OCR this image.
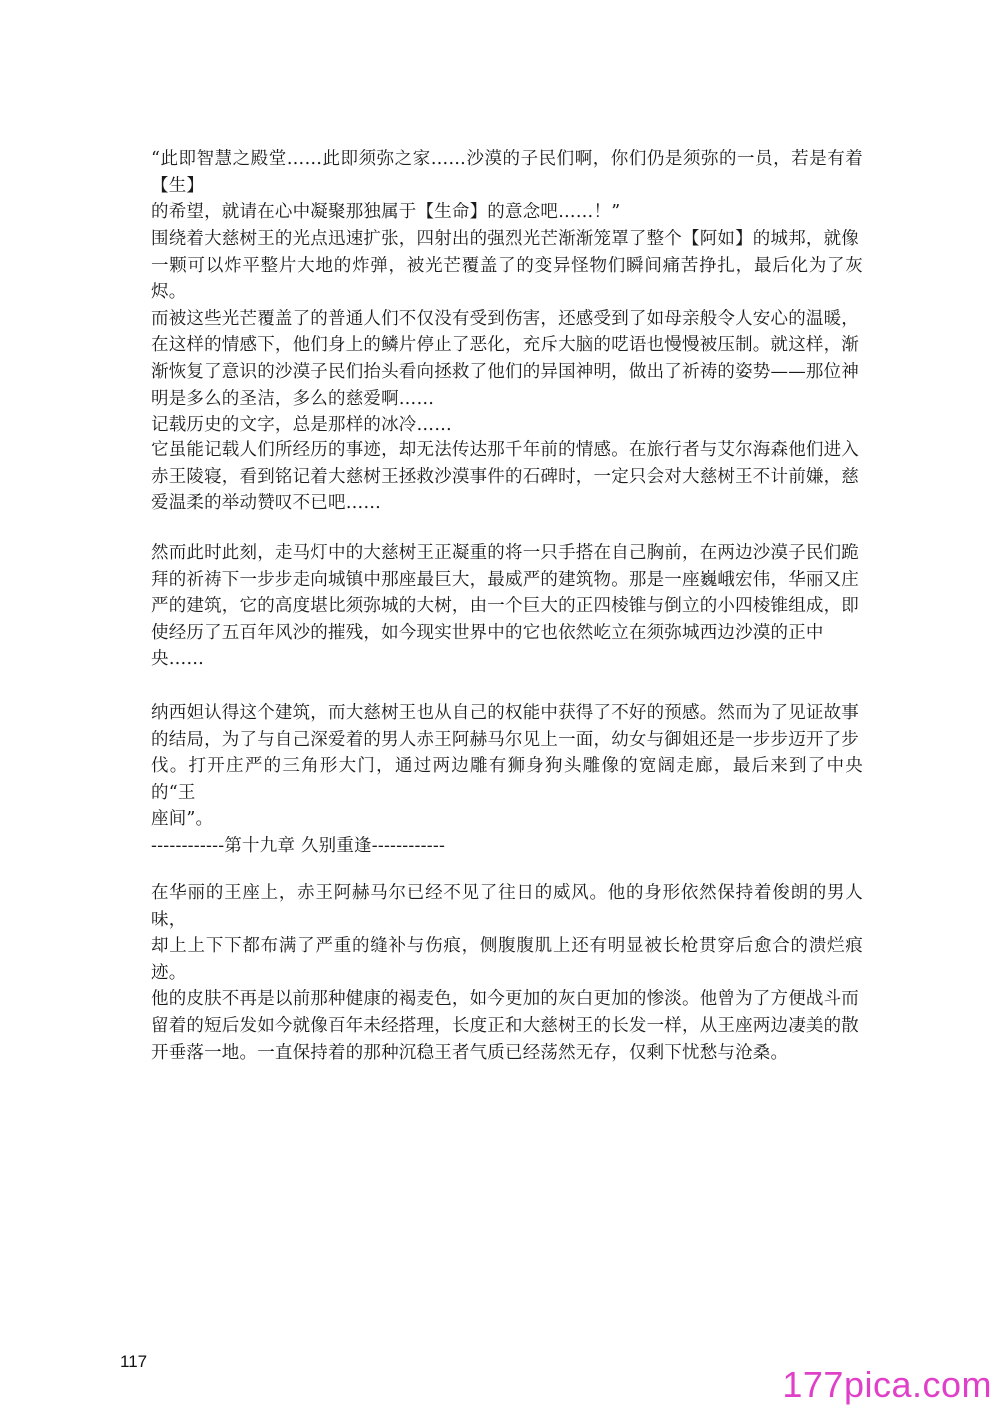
“此即智慧之殿堂……此即须弥之家……沙漠的子民们啊，你们仍是须弥的一员，若是有着【生】
的希望，就请在心中凝聚那独属于【生命】的意念吧……！”

围绕着大慈树王的光点迅速扩张，四射出的强烈光芒渐渐笼罩了整个【阿如】的城邦，就像
一颗可以炸平整片大地的炸弹，被光芒覆盖了的变异怪物们瞬间痛苦挣扎，最后化为了灰烬。
而被这些光芒覆盖了的普通人们不仅没有受到伤害，还感受到了如母亲般令人安心的温暖，
在这样的情感下，他们身上的鳞片停止了恶化，充斥大脑的呓语也慢慢被压制。就这样，渐
渐恢复了意识的沙漠子民们抬头看向拯救了他们的异国神明，做出了祈祷的姿势——那位神
明是多么的圣洁，多么的慈爱啊……

记载历史的文字，总是那样的冰冷……

它虽能记载人们所经历的事迹，却无法传达那千年前的情感。在旅行者与艾尔海森他们进入
赤王陵寝，看到铭记着大慈树王拯救沙漠事件的石碑时，一定只会对大慈树王不计前嫌，慈
爱温柔的举动赞叹不已吧……

然而此时此刻，走马灯中的大慈树王正凝重的将一只手搭在自己胸前，在两边沙漠子民们跪
拜的祈祷下一步步走向城镇中那座最巨大，最威严的建筑物。那是一座巍峨宏伟，华丽又庄
严的建筑，它的高度堪比须弥城的大树，由一个巨大的正四棱锥与倒立的小四棱锥组成，即
使经历了五百年风沙的摧残，如今现实世界中的它也依然屹立在须弥城西边沙漠的正中
央……

纳西妲认得这个建筑，而大慈树王也从自己的权能中获得了不好的预感。然而为了见证故事
的结局，为了与自己深爱着的男人赤王阿赫马尔见上一面，幼女与御姐还是一步步迈开了步
伐。打开庄严的三角形大门，通过两边雕有狮身狗头雕像的宽阔走廊，最后来到了中央的“王
座间”。

------------第十九章 久别重逢------------

在华丽的王座上，赤王阿赫马尔已经不见了往日的威风。他的身形依然保持着俊朗的男人味，
却上上下下都布满了严重的缝补与伤痕，侧腹腹肌上还有明显被长枪贯穿后愈合的溃烂痕迹。
他的皮肤不再是以前那种健康的褐麦色，如今更加的灰白更加的惨淡。他曾为了方便战斗而
留着的短后发如今就像百年未经搭理，长度正和大慈树王的长发一样，从王座两边凄美的散
开垂落一地。一直保持着的那种沉稳王者气质已经荡然无存，仅剩下忧愁与沧桑。

117
177pica.com
